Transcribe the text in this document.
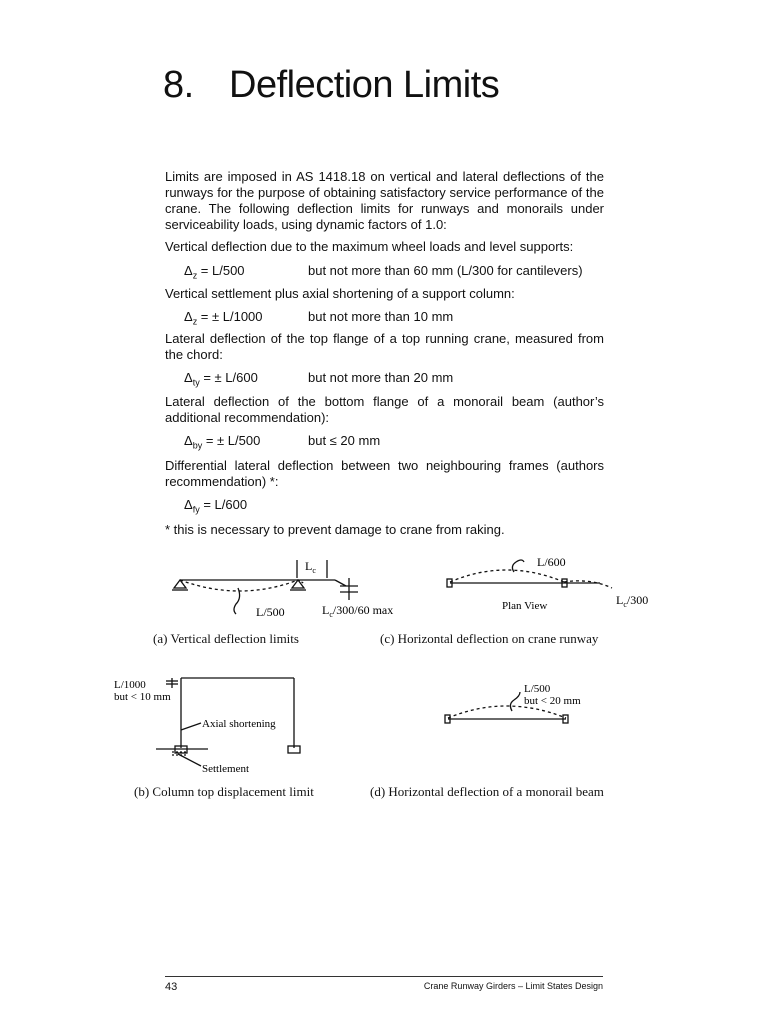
8. Deflection Limits
Limits are imposed in AS 1418.18 on vertical and lateral deflections of the runways for the purpose of obtaining satisfactory service performance of the crane. The following deflection limits for runways and monorails under serviceability loads, using dynamic factors of 1.0:
Vertical deflection due to the maximum wheel loads and level supports:
$\Delta_z = L/500$	but not more than 60 mm (L/300 for cantilevers)
Vertical settlement plus axial shortening of a support column:
$\Delta_z$ = ± L/1000	but not more than 10 mm
Lateral deflection of the top flange of a top running crane, measured from the chord:
$\Delta_{ty}$ = ± L/600	but not more than 20 mm
Lateral deflection of the bottom flange of a monorail beam (author’s additional recommendation):
$\Delta_{by}$ = ± L/500	but ≤ 20 mm
Differential lateral deflection between two neighbouring frames (authors recommendation) *:
$\Delta_{fy} = L/600$
* this is necessary to prevent damage to crane from raking.
$L_c$
L/500	$L_c/300/60$ max
(a) Vertical deflection limits
L/600
Plan View	$L_c/300$
(c) Horizontal deflection on crane runway
L/1000
but < 10 mm
Axial shortening
Settlement
(b) Column top displacement limit
L/500
but < 20 mm
(d) Horizontal deflection of a monorail beam
43	Crane Runway Girders – Limit States Design
